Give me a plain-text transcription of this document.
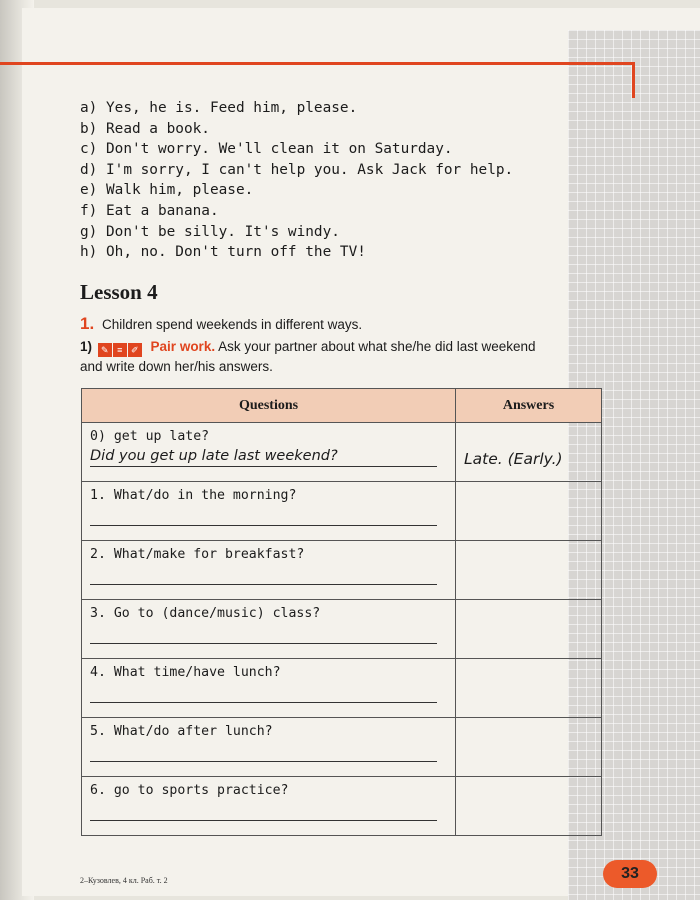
a) Yes, he is. Feed him, please.
b) Read a book.
c) Don't worry. We'll clean it on Saturday.
d) I'm sorry, I can't help you. Ask Jack for help.
e) Walk him, please.
f) Eat a banana.
g) Don't be silly. It's windy.
h) Oh, no. Don't turn off the TV!
Lesson 4
1. Children spend weekends in different ways.
1) ✎ ≡ ✐ Pair work. Ask your partner about what she/he did last weekend and write down her/his answers.
Questions	Answers

0) get up late?
Did you get up late last weekend?	Late. (Early.)

1. What/do in the morning?	

2. What/make for breakfast?	

3. Go to (dance/music) class?	

4. What time/have lunch?	

5. What/do after lunch?	

6. go to sports practice?	

2–Кузовлев, 4 кл. Раб. т. 2	33
